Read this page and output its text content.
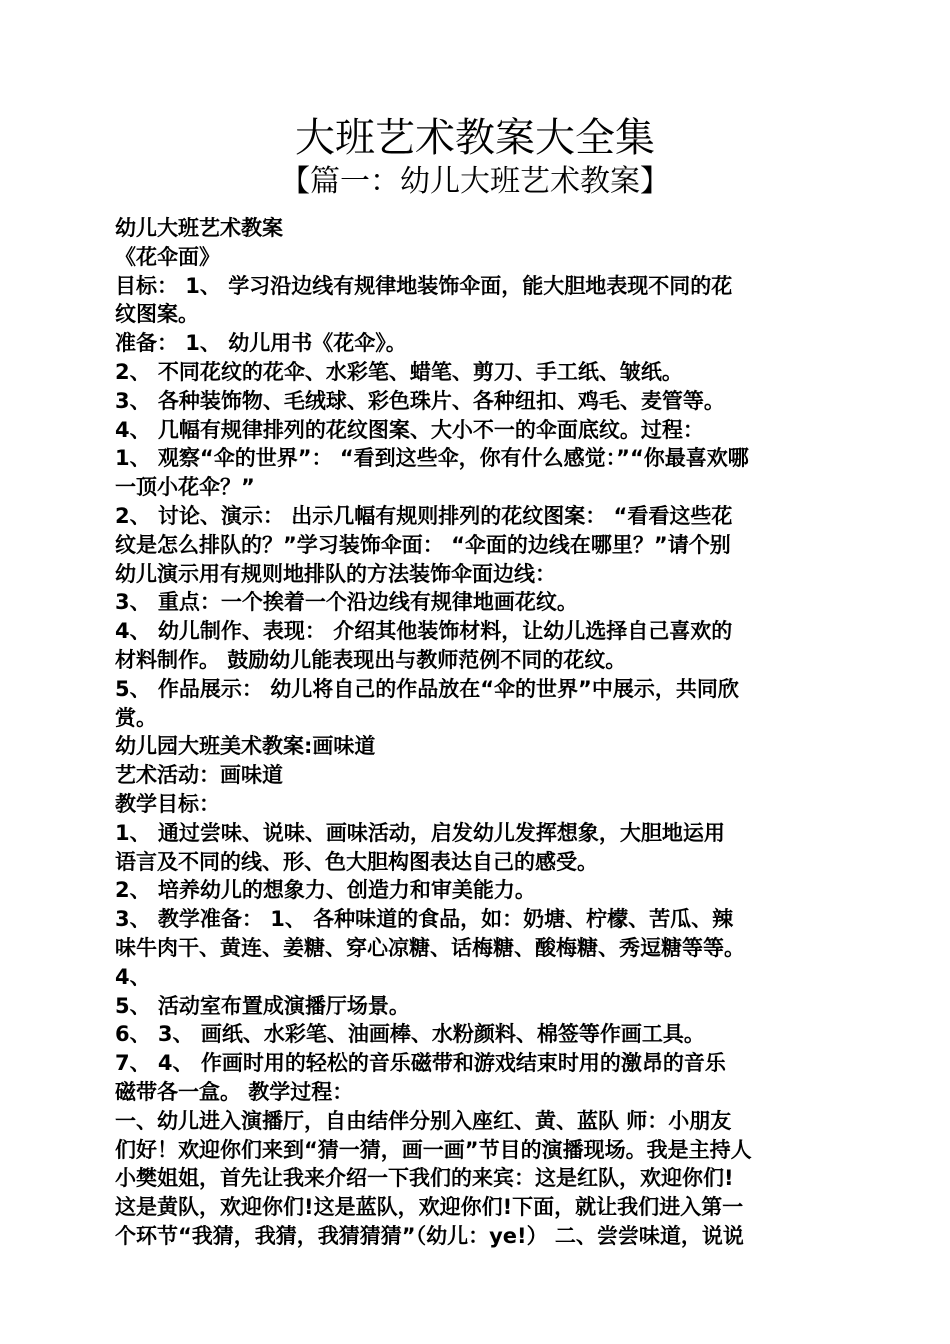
大班艺术教案大全集
【篇一：幼儿大班艺术教案】
幼儿大班艺术教案
《花伞面》
目标： 1、 学习沿边线有规律地装饰伞面，能大胆地表现不同的花
纹图案。
准备： 1、 幼儿用书《花伞》。
2、 不同花纹的花伞、水彩笔、蜡笔、剪刀、手工纸、皱纸。
3、 各种装饰物、毛绒球、彩色珠片、各种纽扣、鸡毛、麦管等。
4、 几幅有规律排列的花纹图案、大小不一的伞面底纹。过程：
1、 观察“伞的世界”： “看到这些伞，你有什么感觉：”“你最喜欢哪
一顶小花伞？”
2、 讨论、演示： 出示几幅有规则排列的花纹图案： “看看这些花
纹是怎么排队的？”学习装饰伞面： “伞面的边线在哪里？”请个别
幼儿演示用有规则地排队的方法装饰伞面边线：
3、 重点：一个挨着一个沿边线有规律地画花纹。
4、 幼儿制作、表现： 介绍其他装饰材料，让幼儿选择自己喜欢的
材料制作。 鼓励幼儿能表现出与教师范例不同的花纹。
5、 作品展示： 幼儿将自己的作品放在“伞的世界”中展示，共同欣
赏。
幼儿园大班美术教案:画味道
艺术活动：画味道
教学目标：
1、 通过尝味、说味、画味活动，启发幼儿发挥想象，大胆地运用
语言及不同的线、形、色大胆构图表达自己的感受。
2、 培养幼儿的想象力、创造力和审美能力。
3、 教学准备： 1、 各种味道的食品，如：奶塘、柠檬、苦瓜、辣
味牛肉干、黄连、姜糖、穿心凉糖、话梅糖、酸梅糖、秀逗糖等等。
4、
5、 活动室布置成演播厅场景。
6、 3、 画纸、水彩笔、油画棒、水粉颜料、棉签等作画工具。
7、 4、 作画时用的轻松的音乐磁带和游戏结束时用的激昂的音乐
磁带各一盒。 教学过程：
一、幼儿进入演播厅，自由结伴分别入座红、黄、蓝队 师：小朋友
们好！欢迎你们来到“猜一猜，画一画”节目的演播现场。我是主持人
小樊姐姐，首先让我来介绍一下我们的来宾：这是红队，欢迎你们!
这是黄队，欢迎你们!这是蓝队，欢迎你们!下面，就让我们进入第一
个环节“我猜，我猜，我猜猜猜”（幼儿：ye!） 二、尝尝味道，说说
